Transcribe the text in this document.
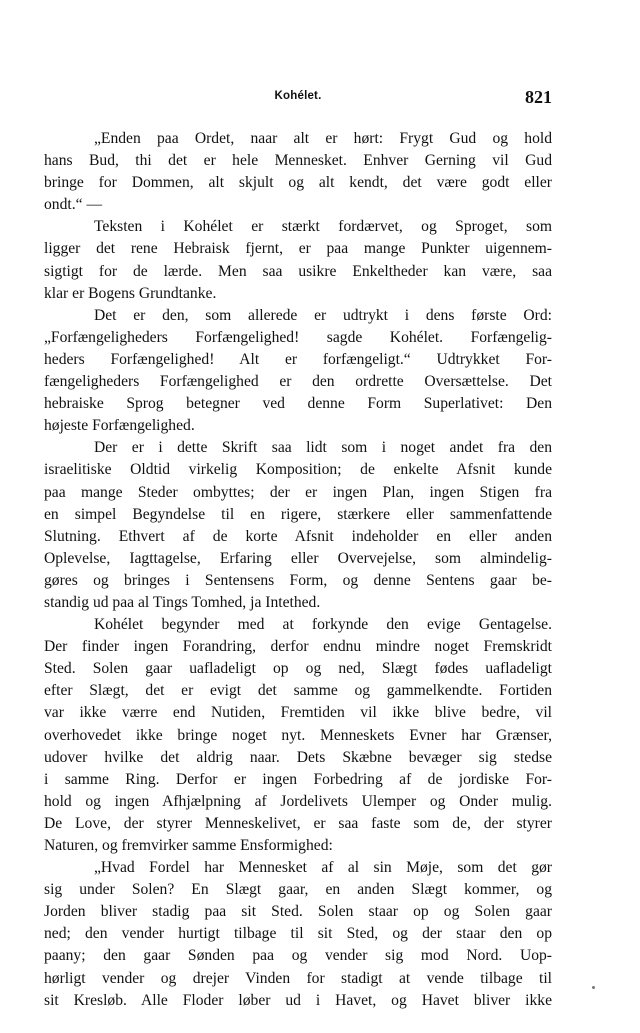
Kohélet.	821
„Enden paa Ordet, naar alt er hørt: Frygt Gud og hold
hans Bud, thi det er hele Mennesket. Enhver Gerning vil Gud
bringe for Dommen, alt skjult og alt kendt, det være godt eller
ondt.“ —
Teksten i Kohélet er stærkt fordærvet, og Sproget, som
ligger det rene Hebraisk fjernt, er paa mange Punkter uigennem-
sigtigt for de lærde. Men saa usikre Enkeltheder kan være, saa
klar er Bogens Grundtanke.
Det er den, som allerede er udtrykt i dens første Ord:
„Forfængeligheders Forfængelighed! sagde Kohélet. Forfængelig-
heders Forfængelighed! Alt er forfængeligt.“ Udtrykket For-
fængeligheders Forfængelighed er den ordrette Oversættelse. Det
hebraiske Sprog betegner ved denne Form Superlativet: Den
højeste Forfængelighed.
Der er i dette Skrift saa lidt som i noget andet fra den
israelitiske Oldtid virkelig Komposition; de enkelte Afsnit kunde
paa mange Steder ombyttes; der er ingen Plan, ingen Stigen fra
en simpel Begyndelse til en rigere, stærkere eller sammenfattende
Slutning. Ethvert af de korte Afsnit indeholder en eller anden
Oplevelse, Iagttagelse, Erfaring eller Overvejelse, som almindelig-
gøres og bringes i Sentensens Form, og denne Sentens gaar be-
standig ud paa al Tings Tomhed, ja Intethed.
Kohélet begynder med at forkynde den evige Gentagelse.
Der finder ingen Forandring, derfor endnu mindre noget Fremskridt
Sted. Solen gaar uafladeligt op og ned, Slægt fødes uafladeligt
efter Slægt, det er evigt det samme og gammelkendte. Fortiden
var ikke værre end Nutiden, Fremtiden vil ikke blive bedre, vil
overhovedet ikke bringe noget nyt. Menneskets Evner har Grænser,
udover hvilke det aldrig naar. Dets Skæbne bevæger sig stedse
i samme Ring. Derfor er ingen Forbedring af de jordiske For-
hold og ingen Afhjælpning af Jordelivets Ulemper og Onder mulig.
De Love, der styrer Menneskelivet, er saa faste som de, der styrer
Naturen, og fremvirker samme Ensformighed:
„Hvad Fordel har Mennesket af al sin Møje, som det gør
sig under Solen? En Slægt gaar, en anden Slægt kommer, og
Jorden bliver stadig paa sit Sted. Solen staar op og Solen gaar
ned; den vender hurtigt tilbage til sit Sted, og der staar den op
paany; den gaar Sønden paa og vender sig mod Nord. Uop-
hørligt vender og drejer Vinden for stadigt at vende tilbage til
sit Kresløb. Alle Floder løber ud i Havet, og Havet bliver ikke
